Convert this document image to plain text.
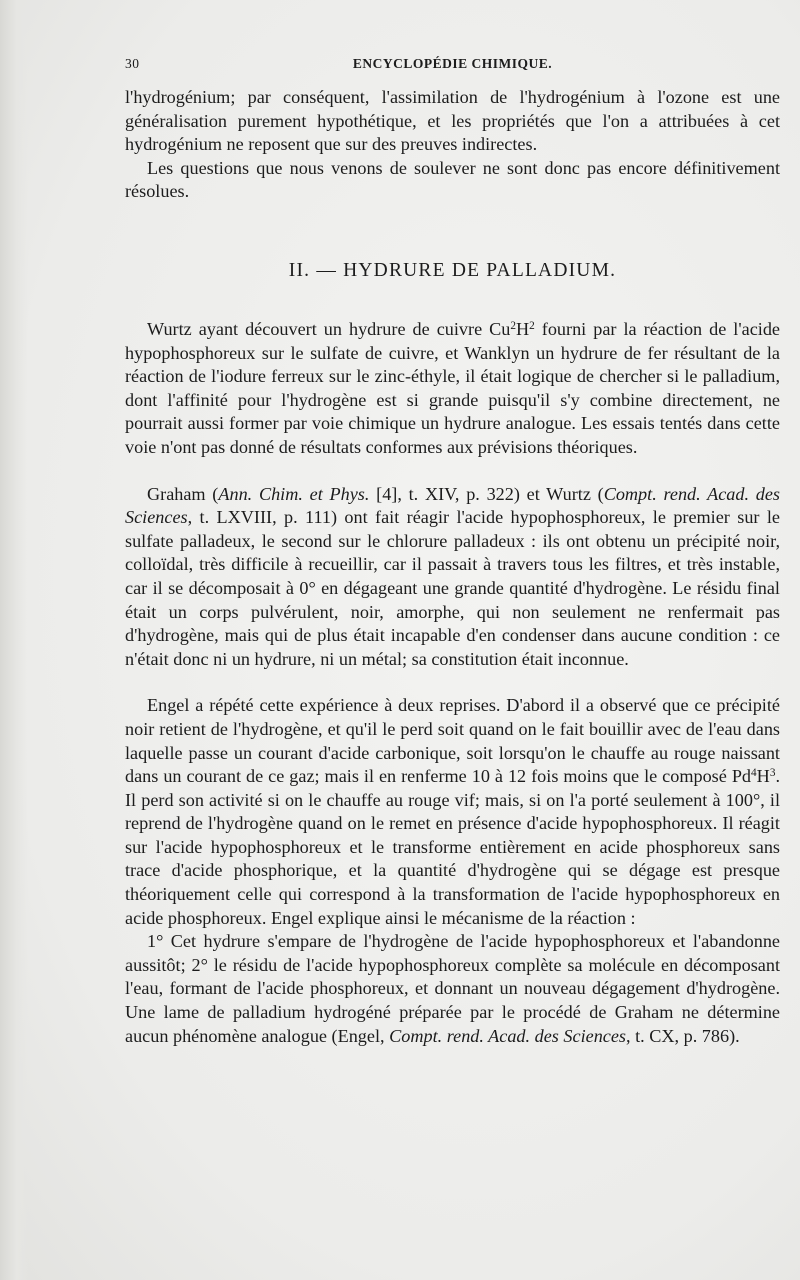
30	ENCYCLOPÉDIE CHIMIQUE.

l'hydrogénium; par conséquent, l'assimilation de l'hydrogénium à l'ozone est une généralisation purement hypothétique, et les propriétés que l'on a attribuées à cet hydrogénium ne reposent que sur des preuves indirectes.

Les questions que nous venons de soulever ne sont donc pas encore définitivement résolues.

II. — HYDRURE DE PALLADIUM.

Wurtz ayant découvert un hydrure de cuivre $Cu^2H^2$ fourni par la réaction de l'acide hypophosphoreux sur le sulfate de cuivre, et Wanklyn un hydrure de fer résultant de la réaction de l'iodure ferreux sur le zinc-éthyle, il était logique de chercher si le palladium, dont l'affinité pour l'hydrogène est si grande puisqu'il s'y combine directement, ne pourrait aussi former par voie chimique un hydrure analogue. Les essais tentés dans cette voie n'ont pas donné de résultats conformes aux prévisions théoriques.

Graham (Ann. Chim. et Phys. [4], t. XIV, p. 322) et Wurtz (Compt. rend. Acad. des Sciences, t. LXVIII, p. 111) ont fait réagir l'acide hypophosphoreux, le premier sur le sulfate palladeux, le second sur le chlorure palladeux : ils ont obtenu un précipité noir, colloïdal, très difficile à recueillir, car il passait à travers tous les filtres, et très instable, car il se décomposait à 0° en dégageant une grande quantité d'hydrogène. Le résidu final était un corps pulvérulent, noir, amorphe, qui non seulement ne renfermait pas d'hydrogène, mais qui de plus était incapable d'en condenser dans aucune condition : ce n'était donc ni un hydrure, ni un métal; sa constitution était inconnue.

Engel a répété cette expérience à deux reprises. D'abord il a observé que ce précipité noir retient de l'hydrogène, et qu'il le perd soit quand on le fait bouillir avec de l'eau dans laquelle passe un courant d'acide carbonique, soit lorsqu'on le chauffe au rouge naissant dans un courant de ce gaz; mais il en renferme 10 à 12 fois moins que le composé $Pd^4H^3$. Il perd son activité si on le chauffe au rouge vif; mais, si on l'a porté seulement à 100°, il reprend de l'hydrogène quand on le remet en présence d'acide hypophosphoreux. Il réagit sur l'acide hypophosphoreux et le transforme entièrement en acide phosphoreux sans trace d'acide phosphorique, et la quantité d'hydrogène qui se dégage est presque théoriquement celle qui correspond à la transformation de l'acide hypophosphoreux en acide phosphoreux. Engel explique ainsi le mécanisme de la réaction :

1° Cet hydrure s'empare de l'hydrogène de l'acide hypophosphoreux et l'abandonne aussitôt; 2° le résidu de l'acide hypophosphoreux complète sa molécule en décomposant l'eau, formant de l'acide phosphoreux, et donnant un nouveau dégagement d'hydrogène. Une lame de palladium hydrogéné préparée par le procédé de Graham ne détermine aucun phénomène analogue (Engel, Compt. rend. Acad. des Sciences, t. CX, p. 786).
